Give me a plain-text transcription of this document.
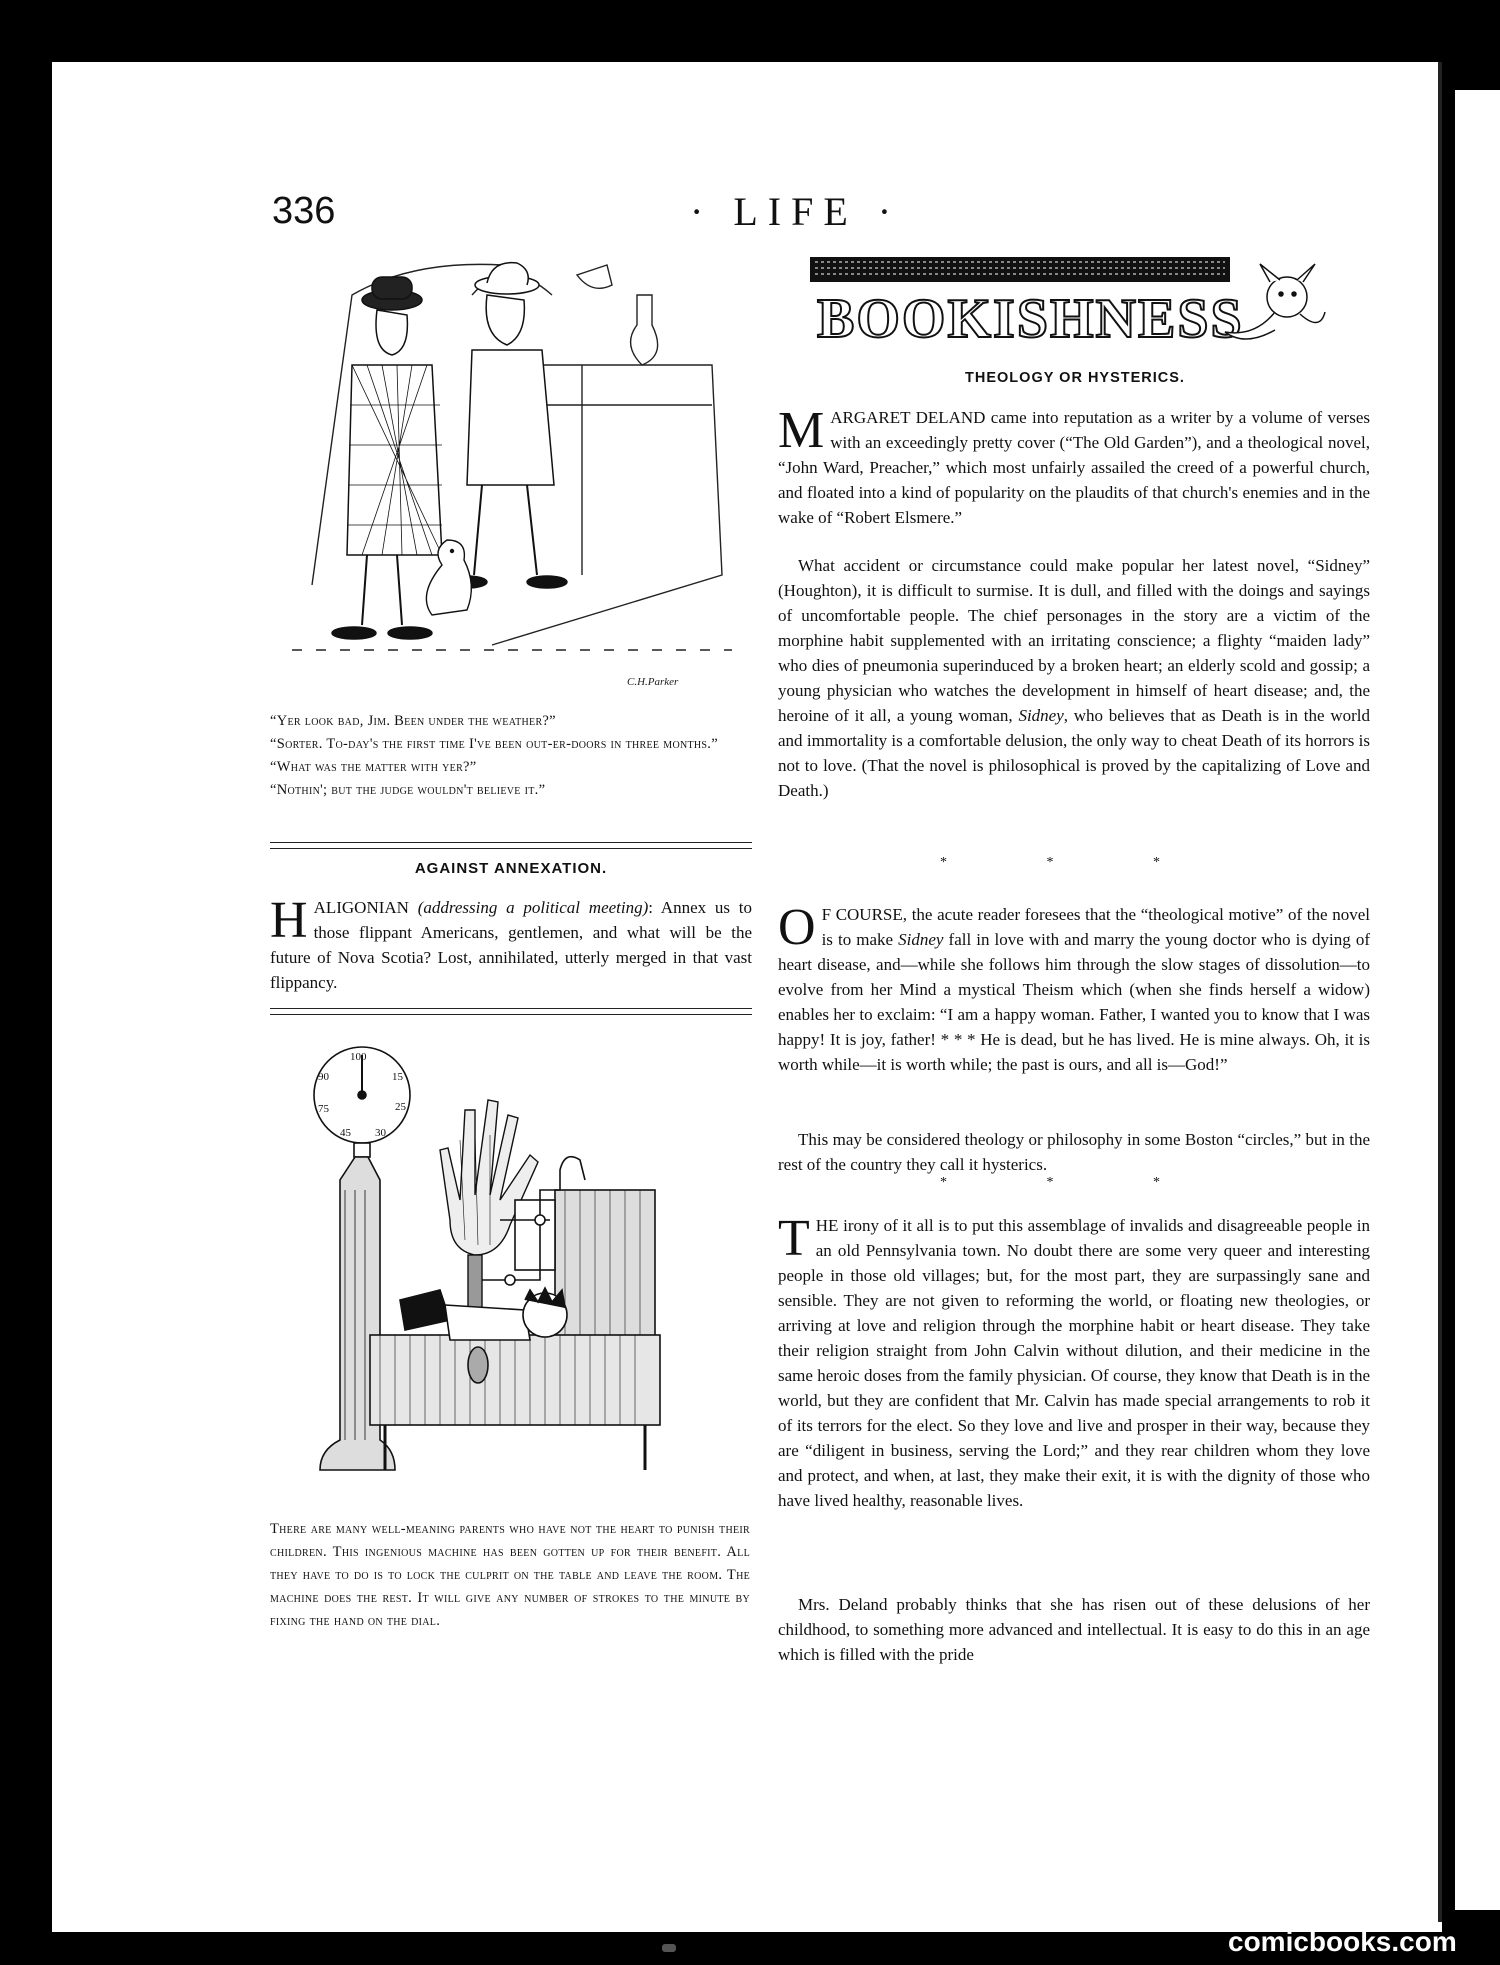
336	· LIFE ·
C.H.Parker

“Yer look bad, Jim. Been under the weather?”

“Sorter. To-day's the first time I've been out-er-doors in three months.”

“What was the matter with yer?”

“Nothin'; but the judge wouldn't believe it.”

AGAINST ANNEXATION.
HALIGONIAN (addressing a political meeting): Annex us to those flippant Americans, gentlemen, and what will be the future of Nova Scotia? Lost, annihilated, utterly merged in that vast flippancy.
100
15
25
30
45
75
90
There are many well-meaning parents who have not the heart to punish their children. This ingenious machine has been gotten up for their benefit. All they have to do is to lock the culprit on the table and leave the room. The machine does the rest. It will give any number of strokes to the minute by fixing the hand on the dial.
BOOKISHNESS
THEOLOGY OR HYSTERICS.
MARGARET DELAND came into reputation as a writer by a volume of verses with an exceedingly pretty cover (“The Old Garden”), and a theological novel, “John Ward, Preacher,” which most unfairly assailed the creed of a powerful church, and floated into a kind of popularity on the plaudits of that church's enemies and in the wake of “Robert Elsmere.”
What accident or circumstance could make popular her latest novel, “Sidney” (Houghton), it is difficult to surmise. It is dull, and filled with the doings and sayings of uncomfortable people. The chief personages in the story are a victim of the morphine habit supplemented with an irritating conscience; a flighty “maiden lady” who dies of pneumonia superinduced by a broken heart; an elderly scold and gossip; a young physician who watches the development in himself of heart disease; and, the heroine of it all, a young woman, Sidney, who believes that as Death is in the world and immortality is a comfortable delusion, the only way to cheat Death of its horrors is not to love. (That the novel is philosophical is proved by the capitalizing of Love and Death.)
* * *
O F COURSE, the acute reader foresees that the “theological motive” of the novel is to make Sidney fall in love with and marry the young doctor who is dying of heart disease, and—while she follows him through the slow stages of dissolution—to evolve from her Mind a mystical Theism which (when she finds herself a widow) enables her to exclaim: “I am a happy woman. Father, I wanted you to know that I was happy! It is joy, father! * * * He is dead, but he has lived. He is mine always. Oh, it is worth while—it is worth while; the past is ours, and all is—God!”
This may be considered theology or philosophy in some Boston “circles,” but in the rest of the country they call it hysterics.
* * *
THE irony of it all is to put this assemblage of invalids and disagreeable people in an old Pennsylvania town. No doubt there are some very queer and interesting people in those old villages; but, for the most part, they are surpassingly sane and sensible. They are not given to reforming the world, or floating new theologies, or arriving at love and religion through the morphine habit or heart disease. They take their religion straight from John Calvin without dilution, and their medicine in the same heroic doses from the family physician. Of course, they know that Death is in the world, but they are confident that Mr. Calvin has made special arrangements to rob it of its terrors for the elect. So they love and live and prosper in their way, because they are “diligent in business, serving the Lord;” and they rear children whom they love and protect, and when, at last, they make their exit, it is with the dignity of those who have lived healthy, reasonable lives.
Mrs. Deland probably thinks that she has risen out of these delusions of her childhood, to something more advanced and intellectual. It is easy to do this in an age which is filled with the pride
comicbooks.com
